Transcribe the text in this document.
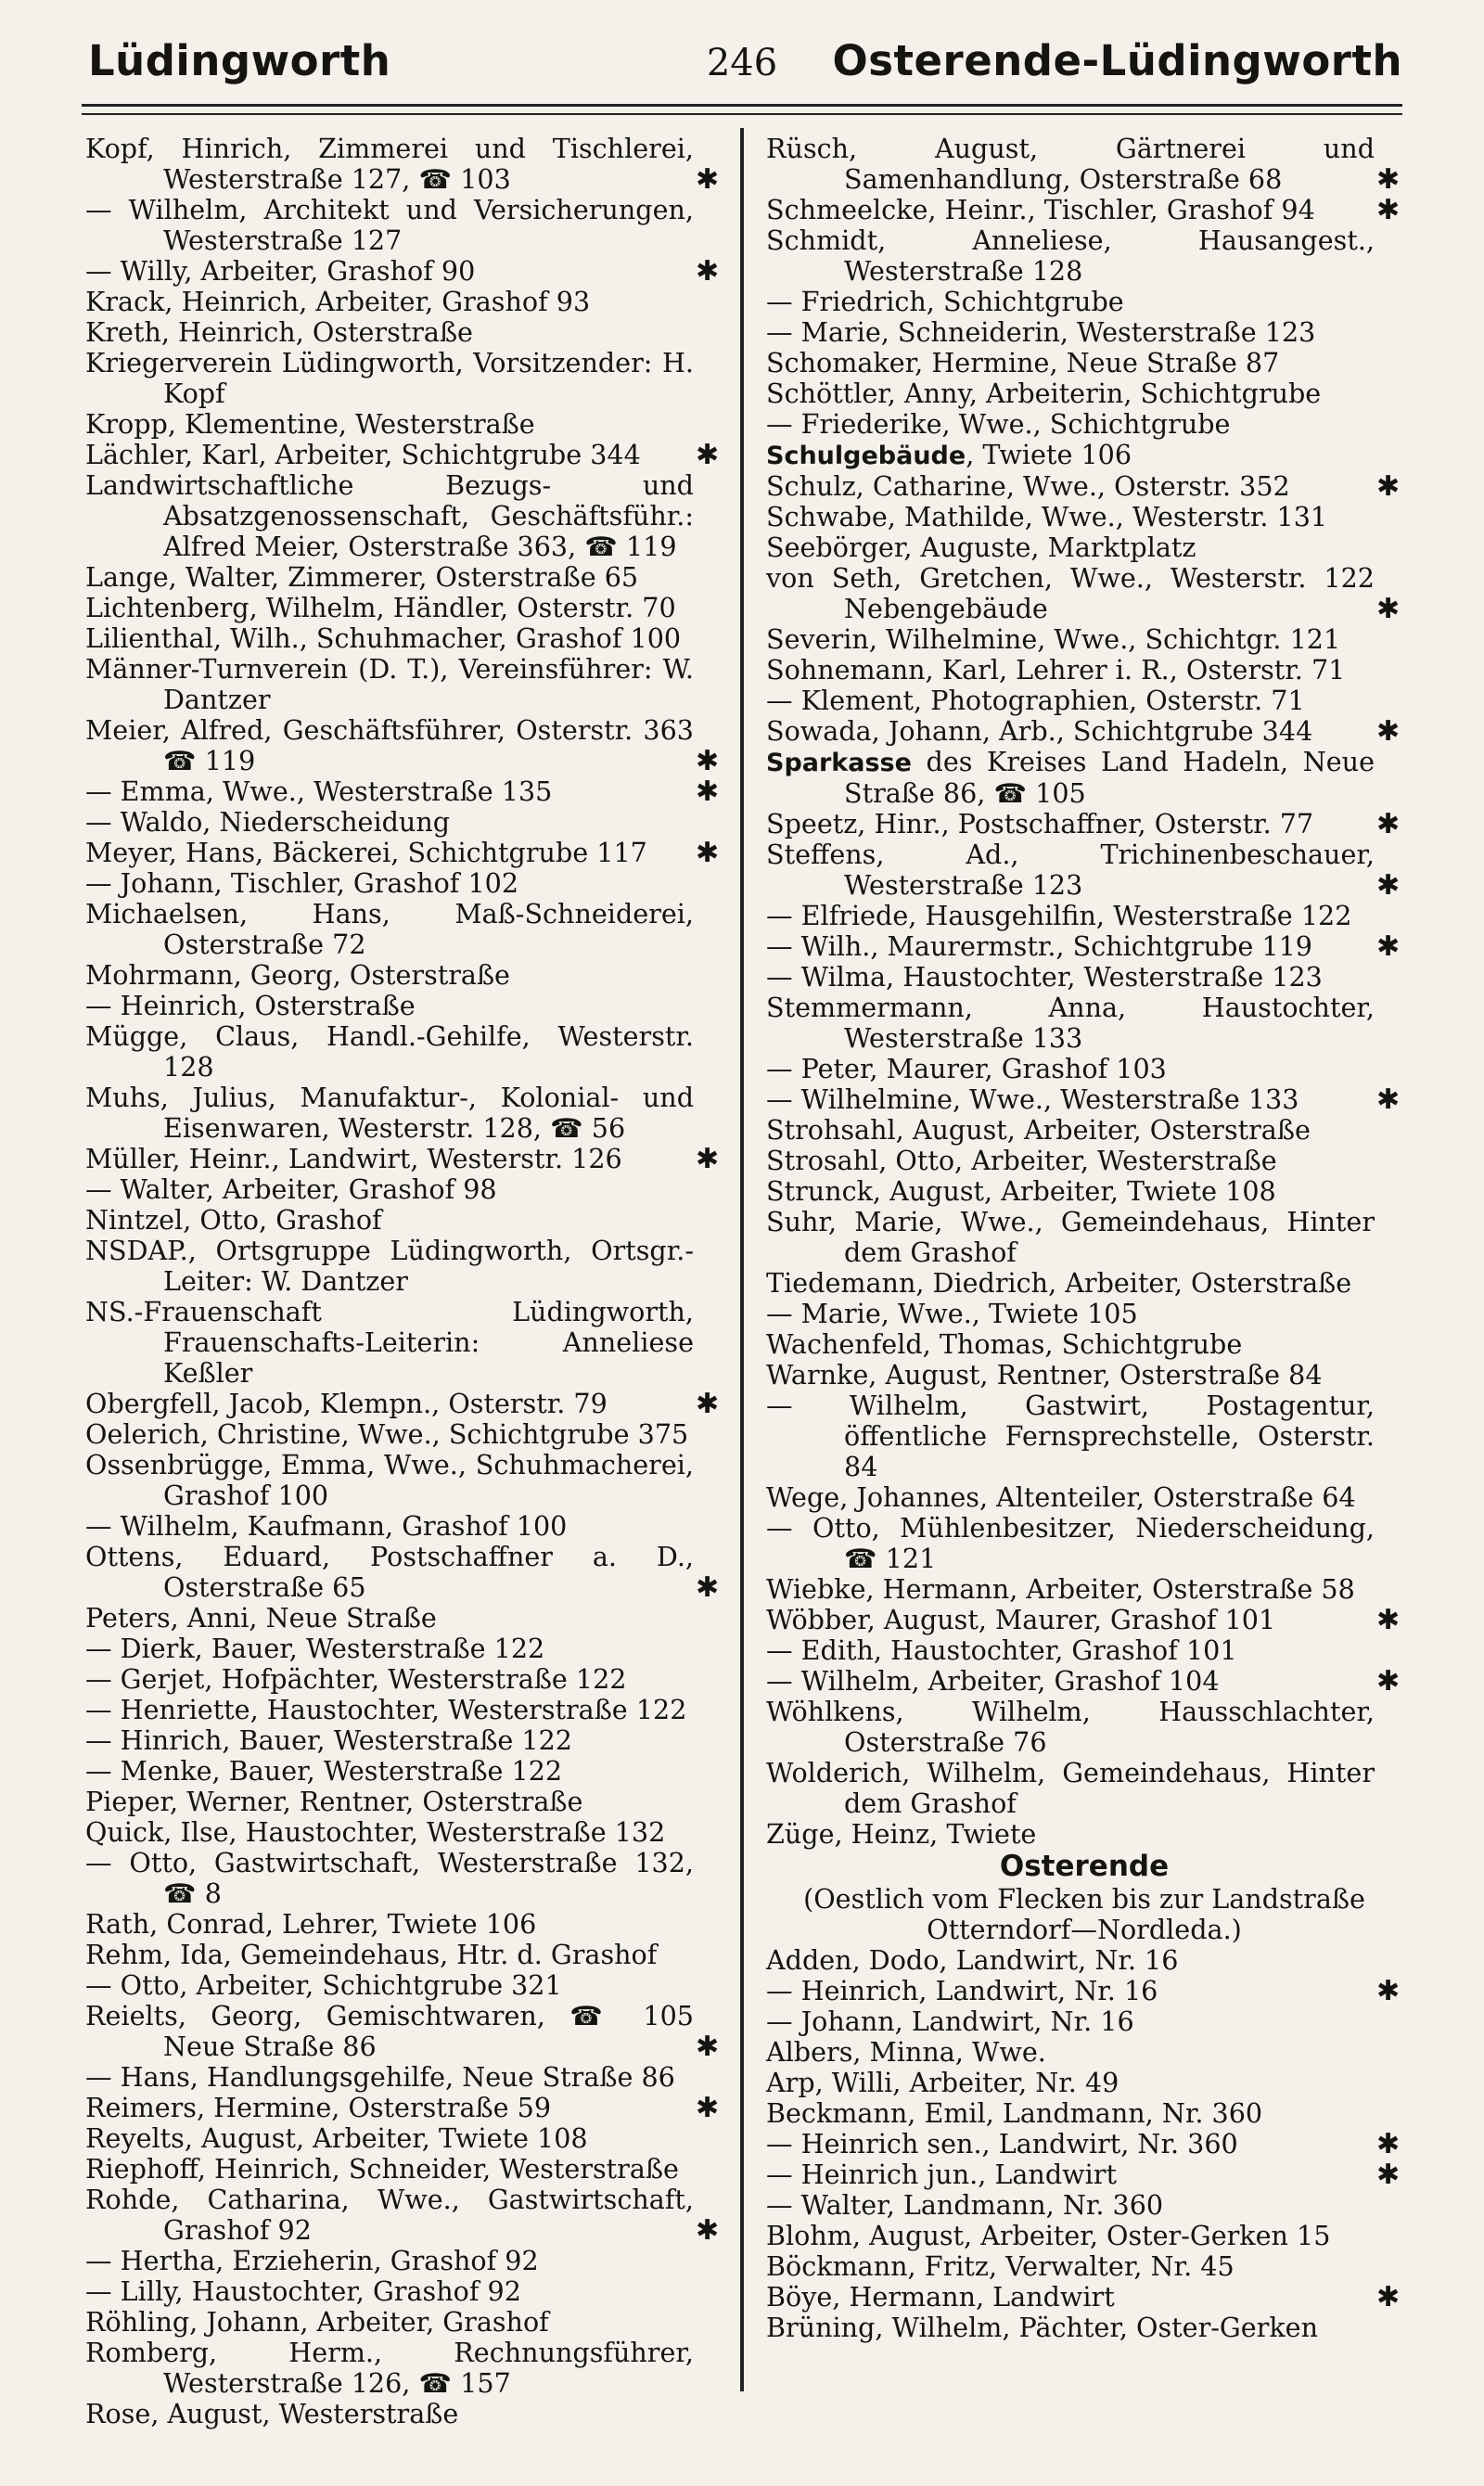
Lüdingworth	246	Osterende-Lüdingworth
Kopf, Hinrich, Zimmerei und Tischlerei, Westerstraße 127, ☎ 103	✱
— Wilhelm, Architekt und Versicherungen, Westerstraße 127
— Willy, Arbeiter, Grashof 90	✱
Krack, Heinrich, Arbeiter, Grashof 93
Kreth, Heinrich, Osterstraße
Kriegerverein Lüdingworth, Vorsitzender: H. Kopf
Kropp, Klementine, Westerstraße
Lächler, Karl, Arbeiter, Schichtgrube 344 ✱
Landwirtschaftliche Bezugs- und Absatzgenossenschaft, Geschäftsführ.: Alfred Meier, Osterstraße 363, ☎ 119
Lange, Walter, Zimmerer, Osterstraße 65
Lichtenberg, Wilhelm, Händler, Osterstr. 70
Lilienthal, Wilh., Schuhmacher, Grashof 100
Männer-Turnverein (D. T.), Vereinsführer: W. Dantzer
Meier, Alfred, Geschäftsführer, Osterstr. 363 ☎ 119	✱
— Emma, Wwe., Westerstraße 135	✱
— Waldo, Niederscheidung
Meyer, Hans, Bäckerei, Schichtgrube 117 ✱
— Johann, Tischler, Grashof 102
Michaelsen, Hans, Maß-Schneiderei, Osterstraße 72
Mohrmann, Georg, Osterstraße
— Heinrich, Osterstraße
Mügge, Claus, Handl.-Gehilfe, Westerstr. 128
Muhs, Julius, Manufaktur-, Kolonial- und Eisenwaren, Westerstr. 128, ☎ 56
Müller, Heinr., Landwirt, Westerstr. 126	✱
— Walter, Arbeiter, Grashof 98
Nintzel, Otto, Grashof
NSDAP., Ortsgruppe Lüdingworth, Ortsgr.-Leiter: W. Dantzer
NS.-Frauenschaft Lüdingworth, Frauenschafts-Leiterin: Anneliese Keßler
Obergfell, Jacob, Klempn., Osterstr. 79	✱
Oelerich, Christine, Wwe., Schichtgrube 375
Ossenbrügge, Emma, Wwe., Schuhmacherei, Grashof 100
— Wilhelm, Kaufmann, Grashof 100
Ottens, Eduard, Postschaffner a. D., Osterstraße 65	✱
Peters, Anni, Neue Straße
— Dierk, Bauer, Westerstraße 122
— Gerjet, Hofpächter, Westerstraße 122
— Henriette, Haustochter, Westerstraße 122
— Hinrich, Bauer, Westerstraße 122
— Menke, Bauer, Westerstraße 122
Pieper, Werner, Rentner, Osterstraße
Quick, Ilse, Haustochter, Westerstraße 132
— Otto, Gastwirtschaft, Westerstraße 132, ☎ 8
Rath, Conrad, Lehrer, Twiete 106
Rehm, Ida, Gemeindehaus, Htr. d. Grashof
— Otto, Arbeiter, Schichtgrube 321
Reielts, Georg, Gemischtwaren, ☎ 105 Neue Straße 86	✱
— Hans, Handlungsgehilfe, Neue Straße 86
Reimers, Hermine, Osterstraße 59	✱
Reyelts, August, Arbeiter, Twiete 108
Riephoff, Heinrich, Schneider, Westerstraße
Rohde, Catharina, Wwe., Gastwirtschaft, Grashof 92	✱
— Hertha, Erzieherin, Grashof 92
— Lilly, Haustochter, Grashof 92
Röhling, Johann, Arbeiter, Grashof
Romberg, Herm., Rechnungsführer, Westerstraße 126, ☎ 157
Rose, August, Westerstraße
Rüsch, August, Gärtnerei und Samenhandlung, Osterstraße 68	✱
Schmeelcke, Heinr., Tischler, Grashof 94 ✱
Schmidt, Anneliese, Hausangest., Westerstraße 128
— Friedrich, Schichtgrube
— Marie, Schneiderin, Westerstraße 123
Schomaker, Hermine, Neue Straße 87
Schöttler, Anny, Arbeiterin, Schichtgrube
— Friederike, Wwe., Schichtgrube
Schulgebäude, Twiete 106
Schulz, Catharine, Wwe., Osterstr. 352	✱
Schwabe, Mathilde, Wwe., Westerstr. 131
Seebörger, Auguste, Marktplatz
von Seth, Gretchen, Wwe., Westerstr. 122 Nebengebäude	✱
Severin, Wilhelmine, Wwe., Schichtgr. 121
Sohnemann, Karl, Lehrer i. R., Osterstr. 71
— Klement, Photographien, Osterstr. 71
Sowada, Johann, Arb., Schichtgrube 344 ✱
Sparkasse des Kreises Land Hadeln, Neue Straße 86, ☎ 105
Speetz, Hinr., Postschaffner, Osterstr. 77 ✱
Steffens, Ad., Trichinenbeschauer, Westerstraße 123	✱
— Elfriede, Hausgehilfin, Westerstraße 122
— Wilh., Maurermstr., Schichtgrube 119 ✱
— Wilma, Haustochter, Westerstraße 123
Stemmermann, Anna, Haustochter, Westerstraße 133
— Peter, Maurer, Grashof 103
— Wilhelmine, Wwe., Westerstraße 133	✱
Strohsahl, August, Arbeiter, Osterstraße
Strosahl, Otto, Arbeiter, Westerstraße
Strunck, August, Arbeiter, Twiete 108
Suhr, Marie, Wwe., Gemeindehaus, Hinter dem Grashof
Tiedemann, Diedrich, Arbeiter, Osterstraße
— Marie, Wwe., Twiete 105
Wachenfeld, Thomas, Schichtgrube
Warnke, August, Rentner, Osterstraße 84
— Wilhelm, Gastwirt, Postagentur, öffentliche Fernsprechstelle, Osterstr. 84
Wege, Johannes, Altenteiler, Osterstraße 64
— Otto, Mühlenbesitzer, Niederscheidung, ☎ 121
Wiebke, Hermann, Arbeiter, Osterstraße 58
Wöbber, August, Maurer, Grashof 101	✱
— Edith, Haustochter, Grashof 101
— Wilhelm, Arbeiter, Grashof 104	✱
Wöhlkens, Wilhelm, Hausschlachter, Osterstraße 76
Wolderich, Wilhelm, Gemeindehaus, Hinter dem Grashof
Züge, Heinz, Twiete
Osterende
(Oestlich vom Flecken bis zur Landstraße Otterndorf—Nordleda.)
Adden, Dodo, Landwirt, Nr. 16
— Heinrich, Landwirt, Nr. 16	✱
— Johann, Landwirt, Nr. 16
Albers, Minna, Wwe.
Arp, Willi, Arbeiter, Nr. 49
Beckmann, Emil, Landmann, Nr. 360
— Heinrich sen., Landwirt, Nr. 360	✱
— Heinrich jun., Landwirt	✱
— Walter, Landmann, Nr. 360
Blohm, August, Arbeiter, Oster-Gerken 15
Böckmann, Fritz, Verwalter, Nr. 45
Böye, Hermann, Landwirt	✱
Brüning, Wilhelm, Pächter, Oster-Gerken
